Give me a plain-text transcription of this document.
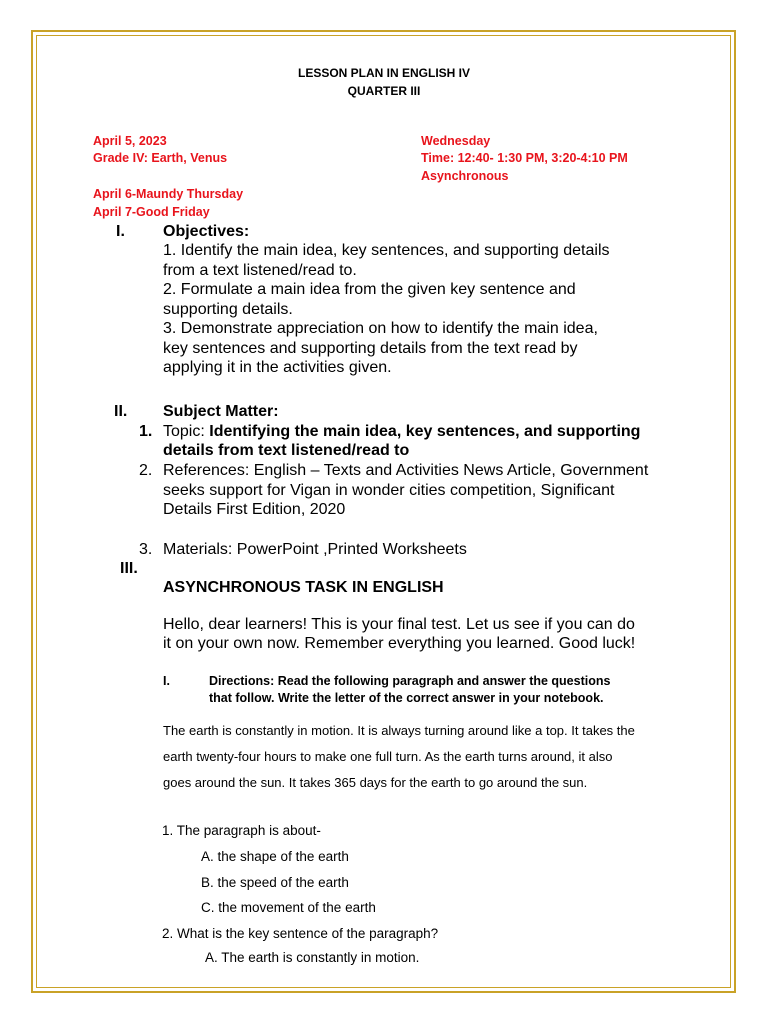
LESSON PLAN IN ENGLISH IV
QUARTER III
April 5, 2023
Grade IV: Earth, Venus
Wednesday
Time: 12:40- 1:30 PM, 3:20-4:10 PM
Asynchronous
April 6-Maundy Thursday
April 7-Good Friday
I. Objectives:
1. Identify the main idea, key sentences, and supporting details
from a text listened/read to.
2. Formulate a main idea from the given key sentence and
supporting details.
3. Demonstrate appreciation on how to identify the main idea,
key sentences and supporting details from the text read by
applying it in the activities given.
II. Subject Matter:
1. Topic: Identifying the main idea, key sentences, and supporting
details from text listened/read to
2. References: English – Texts and Activities News Article, Government
seeks support for Vigan in wonder cities competition, Significant
Details First Edition, 2020
3. Materials: PowerPoint ,Printed Worksheets
III.
ASYNCHRONOUS TASK IN ENGLISH
Hello, dear learners! This is your final test. Let us see if you can do
it on your own now. Remember everything you learned. Good luck!
I.	Directions: Read the following paragraph and answer the questions
that follow. Write the letter of the correct answer in your notebook.
The earth is constantly in motion. It is always turning around like a top. It takes the
earth twenty-four hours to make one full turn. As the earth turns around, it also
goes around the sun. It takes 365 days for the earth to go around the sun.
1. The paragraph is about-
A. the shape of the earth
B. the speed of the earth
C. the movement of the earth
2. What is the key sentence of the paragraph?
A. The earth is constantly in motion.
